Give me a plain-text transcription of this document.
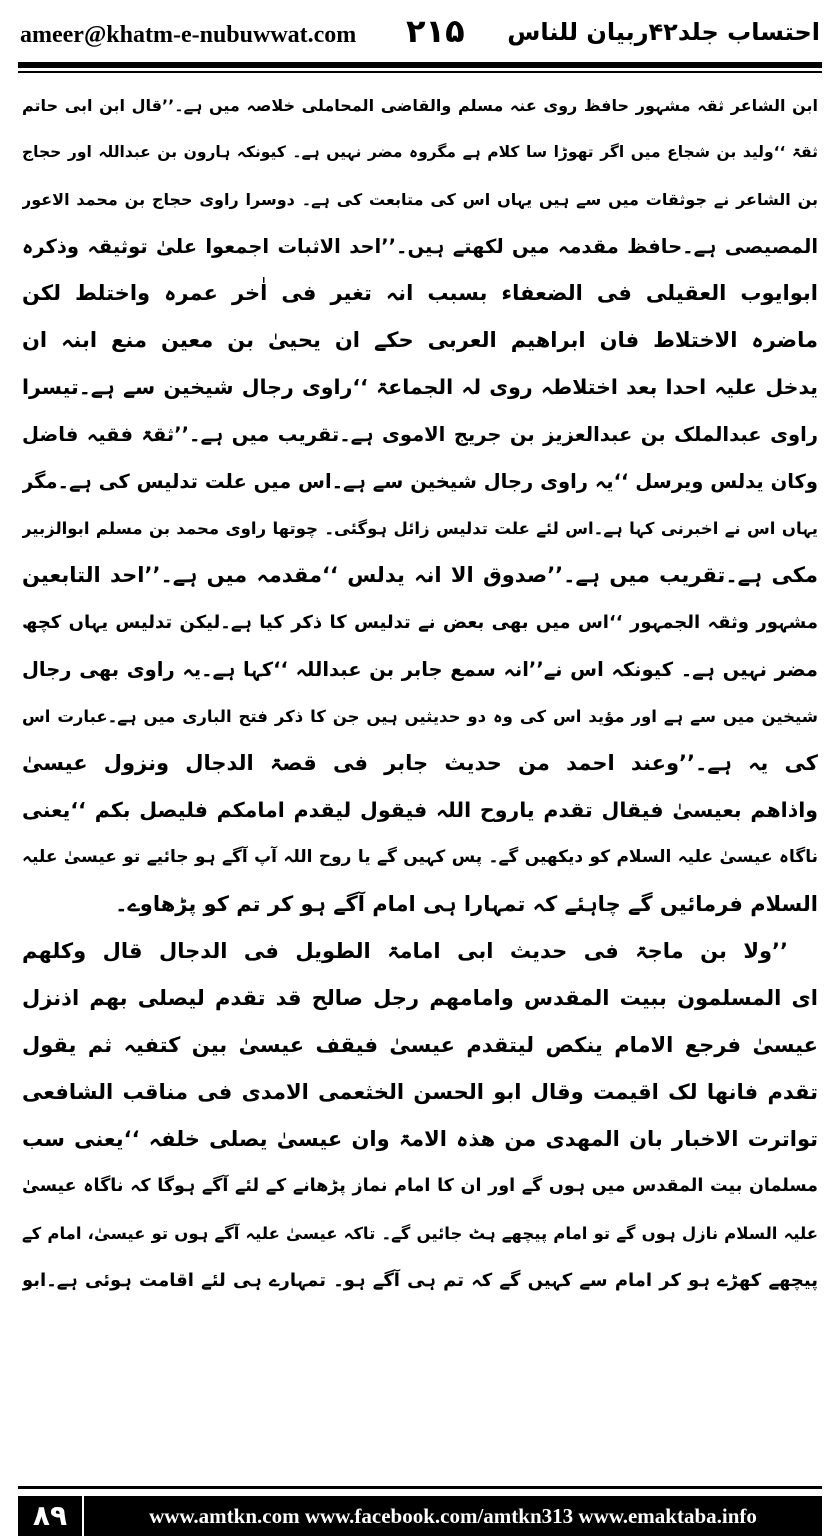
ameer@khatm-e-nubuwwat.com ۲۱۵ احتساب جلد۴۲ربیان للناس
ابن الشاعر ثقہ مشہور حافظ روی عنہ مسلم والقاضی المحاملی خلاصہ میں ہے۔’’قال ابن ابی حاتم
ثقۃ ‘‘ولید بن شجاع میں اگر تھوڑا سا کلام ہے مگروہ مضر نہیں ہے۔ کیونکہ ہارون بن عبداللہ اور حجاج
بن الشاعر نے جوثقات میں سے ہیں یہاں اس کی متابعت کی ہے۔ دوسرا راوی حجاج بن محمد الاعور
المصیصی ہے۔حافظ مقدمہ میں لکھتے ہیں۔’’احد الاثبات اجمعوا علیٰ توثیقہ وذکرہ
ابوایوب العقیلی فی الضعفاء بسبب انہ تغیر فی اٰخر عمرہ واختلط لکن
ماضرہ الاختلاط فان ابراھیم العربی حکے ان یحییٰ بن معین منع ابنہ ان
یدخل علیہ احدا بعد اختلاطہ روی لہ الجماعۃ ‘‘راوی رجال شیخین سے ہے۔تیسرا
راوی عبدالملک بن عبدالعزیز بن جریج الاموی ہے۔تقریب میں ہے۔’’ثقۃ فقیہ فاضل
وکان یدلس ویرسل ‘‘یہ راوی رجال شیخین سے ہے۔اس میں علت تدلیس کی ہے۔مگر
یہاں اس نے اخبرنی کہا ہے۔اس لئے علت تدلیس زائل ہوگئی۔ چوتھا راوی محمد بن مسلم ابوالزبیر
مکی ہے۔تقریب میں ہے۔’’صدوق الا انہ یدلس ‘‘مقدمہ میں ہے۔’’احد التابعین
مشہور وثقہ الجمہور ‘‘اس میں بھی بعض نے تدلیس کا ذکر کیا ہے۔لیکن تدلیس یہاں کچھ
مضر نہیں ہے۔ کیونکہ اس نے’’انہ سمع جابر بن عبداللہ ‘‘کہا ہے۔یہ راوی بھی رجال
شیخین میں سے ہے اور مؤید اس کی وہ دو حدیثیں ہیں جن کا ذکر فتح الباری میں ہے۔عبارت اس
کی یہ ہے۔’’وعند احمد من حدیث جابر فی قصۃ الدجال ونزول عیسیٰ
واذاھم بعیسیٰ فیقال تقدم یاروح اللہ فیقول لیقدم امامکم فلیصل بکم ‘‘یعنی
ناگاہ عیسیٰ علیہ السلام کو دیکھیں گے۔ پس کہیں گے یا روح اللہ آپ آگے ہو جائیے تو عیسیٰ علیہ
السلام فرمائیں گے چاہئے کہ تمہارا ہی امام آگے ہو کر تم کو پڑھاوے۔
’’ولا بن ماجۃ فی حدیث ابی امامۃ الطویل فی الدجال قال وکلھم
ای المسلمون ببیت المقدس وامامھم رجل صالح قد تقدم لیصلی بھم اذنزل
عیسیٰ فرجع الامام ینکص لیتقدم عیسیٰ فیقف عیسیٰ بین کتفیہ ثم یقول
تقدم فانھا لک اقیمت وقال ابو الحسن الخثعمی الامدی فی مناقب الشافعی
تواترت الاخبار بان المھدی من ھذہ الامۃ وان عیسیٰ یصلی خلفہ ‘‘یعنی سب
مسلمان بیت المقدس میں ہوں گے اور ان کا امام نماز پڑھانے کے لئے آگے ہوگا کہ ناگاہ عیسیٰ
علیہ السلام نازل ہوں گے تو امام پیچھے ہٹ جائیں گے۔ تاکہ عیسیٰ علیہ آگے ہوں تو عیسیٰ، امام کے
پیچھے کھڑے ہو کر امام سے کہیں گے کہ تم ہی آگے ہو۔ تمہارے ہی لئے اقامت ہوئی ہے۔ابو
۸۹	www.amtkn.com www.facebook.com/amtkn313 www.emaktaba.info
